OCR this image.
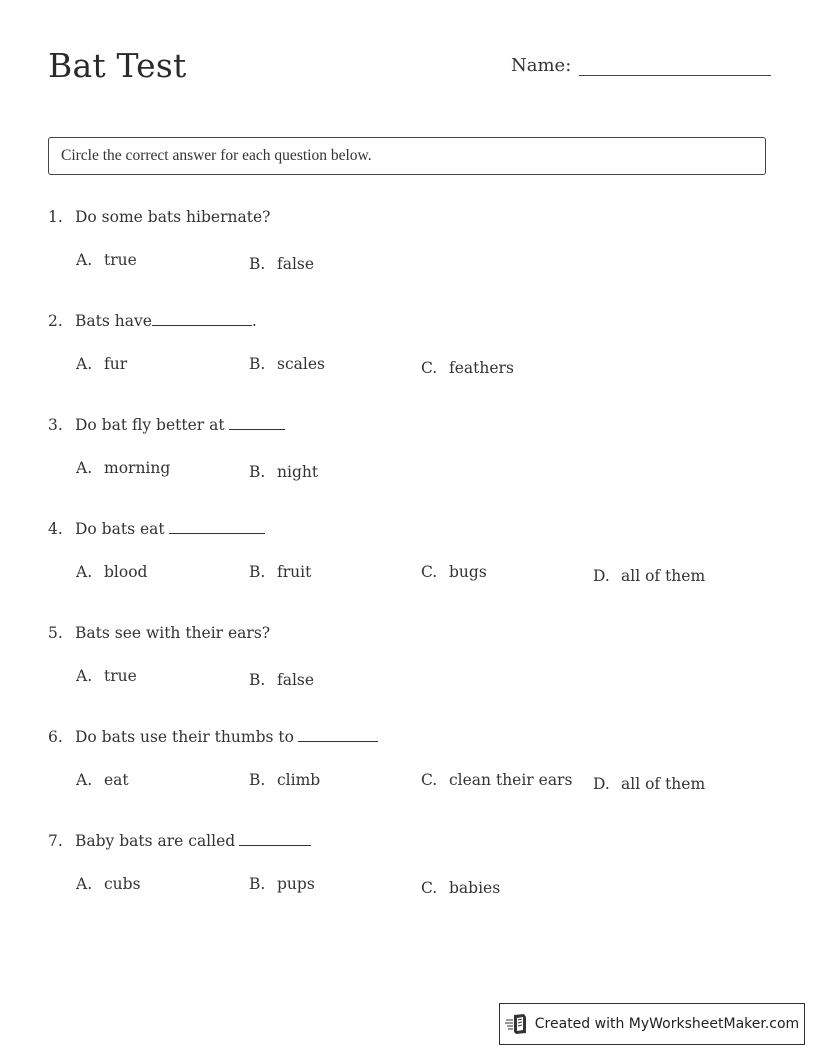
Bat Test	Name:
Circle the correct answer for each question below.
1. Do some bats hibernate?
A. true	B. false
2. Bats have	.
A. fur	B. scales	C. feathers
3. Do bat fly better at
A. morning	B. night
4. Do bats eat
A. blood	B. fruit	C. bugs	D. all of them
5. Bats see with their ears?
A. true	B. false
6. Do bats use their thumbs to
A. eat	B. climb	C. clean their ears D. all of them
7. Baby bats are called
A. cubs	B. pups	C. babies
Created with MyWorksheetMaker.com
